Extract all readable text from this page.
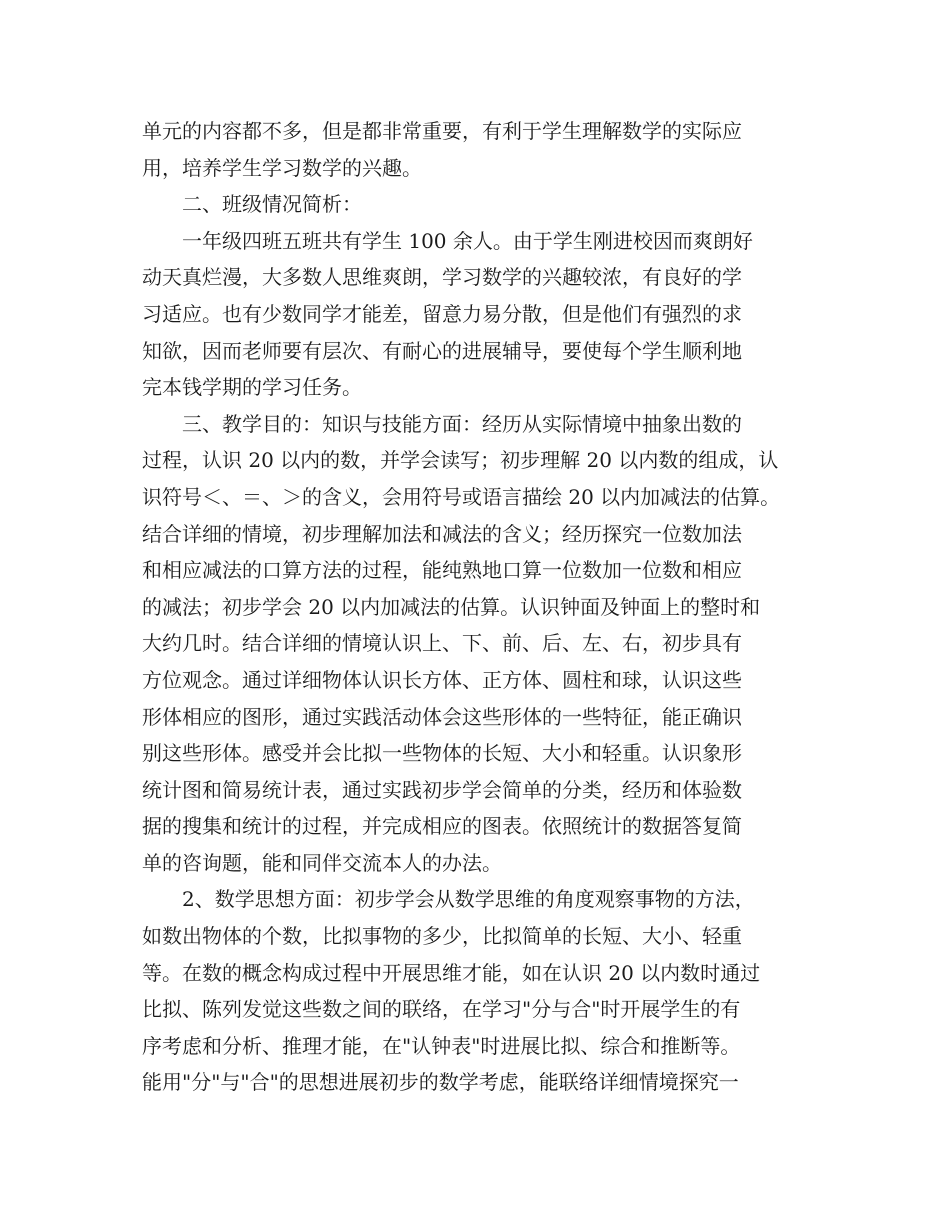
单元的内容都不多，但是都非常重要，有利于学生理解数学的实际应
用，培养学生学习数学的兴趣。
　　二、班级情况简析：
　　一年级四班五班共有学生 100 余人。由于学生刚进校因而爽朗好
动天真烂漫，大多数人思维爽朗，学习数学的兴趣较浓，有良好的学
习适应。也有少数同学才能差，留意力易分散，但是他们有强烈的求
知欲，因而老师要有层次、有耐心的进展辅导，要使每个学生顺利地
完本钱学期的学习任务。
　　三、教学目的：知识与技能方面：经历从实际情境中抽象出数的
过程，认识 20 以内的数，并学会读写；初步理解 20 以内数的组成，认
识符号＜、＝、＞的含义，会用符号或语言描绘 20 以内加减法的估算。
结合详细的情境，初步理解加法和减法的含义；经历探究一位数加法
和相应减法的口算方法的过程，能纯熟地口算一位数加一位数和相应
的减法；初步学会 20 以内加减法的估算。认识钟面及钟面上的整时和
大约几时。结合详细的情境认识上、下、前、后、左、右，初步具有
方位观念。通过详细物体认识长方体、正方体、圆柱和球，认识这些
形体相应的图形，通过实践活动体会这些形体的一些特征，能正确识
别这些形体。感受并会比拟一些物体的长短、大小和轻重。认识象形
统计图和简易统计表，通过实践初步学会简单的分类，经历和体验数
据的搜集和统计的过程，并完成相应的图表。依照统计的数据答复简
单的咨询题，能和同伴交流本人的办法。
　　2、数学思想方面：初步学会从数学思维的角度观察事物的方法，
如数出物体的个数，比拟事物的多少，比拟简单的长短、大小、轻重
等。在数的概念构成过程中开展思维才能，如在认识 20 以内数时通过
比拟、陈列发觉这些数之间的联络，在学习"分与合"时开展学生的有
序考虑和分析、推理才能，在"认钟表"时进展比拟、综合和推断等。
能用"分"与"合"的思想进展初步的数学考虑，能联络详细情境探究一
